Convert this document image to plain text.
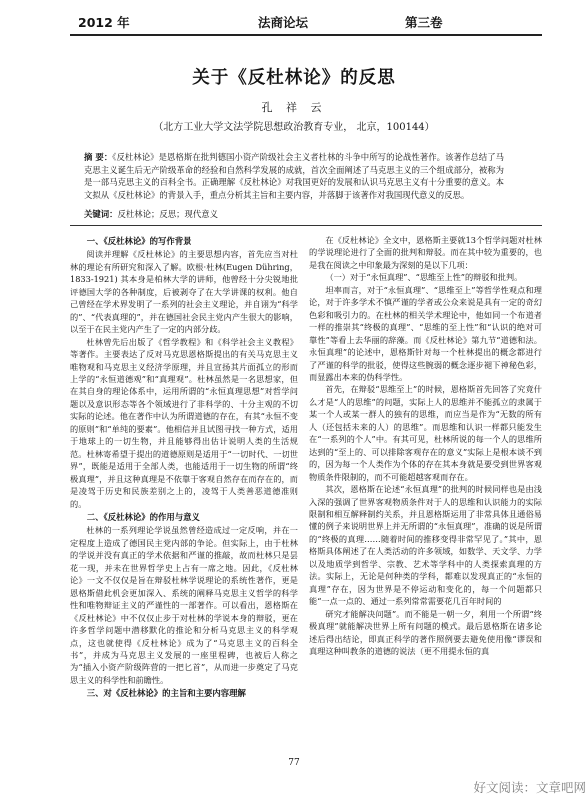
2012 年	法商论坛	第三卷
关于《反杜林论》的反思
孔 祥 云
（北方工业大学文法学院思想政治教育专业， 北京，100144）
摘 要：《反杜林论》是恩格斯在批判德国小资产阶级社会主义者杜林的斗争中所写的论战性著作。该著作总结了马克思主义诞生后无产阶级革命的经验和自然科学发展的成就，首次全面阐述了马克思主义的三个组成部分，被称为是一部马克思主义的百科全书。正确理解《反杜林论》对我国更好的发展和认识马克思主义有十分重要的意义。本文拟从《反杜林论》的背景入手，重点分析其主旨和主要内容，并落脚于该著作对我国现代意义的反思。
关键词：反杜林论；反思；现代意义
一、《反杜林论》的写作背景

阅读并理解《反杜林论》的主要思想内容，首先应当对杜林的理论有所研究和深入了解。欧根·杜林(Eugen Dühring，1833-1921) 其本身是柏林大学的讲师，他曾经十分尖锐地批评德国大学的各种制度，后被剥夺了在大学讲课的权利。他自己曾经在学术界发明了一系列的社会主义理论，并自诩为“科学的”、“代表真理的”，并在德国社会民主党内产生很大的影响，以至于在民主党内产生了一定的内部分歧。

杜林曾先后出版了《哲学教程》和《科学社会主义教程》等著作。主要表达了反对马克思恩格斯提出的有关马克思主义唯物观和马克思主义经济学原理，并且宣扬其片面孤立的形而上学的“永恒道德观”和“真理观”。杜林虽然是一名思想家，但在其自身的理论体系中，运用所谓的“永恒真理思想”对哲学问题以及意识形态等各个领域进行了非科学的、十分主观的不切实际的论述。他在著作中认为所谓道德的存在，有其“永恒不变的原则”和“单纯的要素”。他相信并且试图寻找一种方式，适用于地球上的一切生物，并且能够得出估计说明人类的生活规范。杜林寄希望于提出的道德原则是适用于“一切时代、一切世界”，既能是适用于全部人类，也能适用于一切生物的所谓“终极真理”，并且这种真理是不依靠于客观自然存在而存在的，而是凌驾于历史和民族差别之上的，凌驾于人类善恶道德准则的。

二、《反杜林论》的作用与意义

杜林的一系列理论学说虽然曾经造成过一定反响，并在一定程度上造成了德国民主党内部的争论。但实际上，由于杜林的学说并没有真正的学术依据和严谨的推敲，故而杜林只是昙花一现，并未在世界哲学史上占有一席之地。因此，《反杜林论》一文不仅仅是旨在辩驳杜林学说理论的系统性著作，更是恩格斯借此机会更加深入、系统的阐释马克思主义哲学的科学性和唯物辩证主义的严谨性的一部著作。可以看出，恩格斯在《反杜林论》中不仅仅止步于对杜林的学说本身的辩驳，更在许多哲学问题中潜移默化的推论和分析马克思主义的科学观点，这也就使得《反杜林论》成为了“马克思主义的百科全书”，并成为马克思主义发展的一座里程碑，也被后人称之为“插入小资产阶级阵营的一把匕首”，从而进一步奠定了马克思主义的科学性和前瞻性。

三、对《反杜林论》的主旨和主要内容理解

在《反杜林论》全文中，恩格斯主要就13个哲学问题对杜林的学说理论进行了全面的批判和辩驳。而在其中较为重要的，也是我在阅读之中印象最为深刻的是以下几项：

（一）对于“永恒真理”、“思维至上性”的辩驳和批判。

坦率而言，对于“永恒真理”、“思维至上”等哲学性观点和理论，对于许多学术不慎严谨的学者或公众来说是具有一定的奇幻色彩和吸引力的。在杜林的相关学术理论中，他如同一个布道者一样的推崇其“终极的真理”、“思维的至上性”和“认识的绝对可靠性”等看上去华丽的辞藻。而《反杜林论》第九节“道德和法。永恒真理”的论述中，恩格斯针对每一个杜林提出的概念都进行了严谨的科学的批驳，使得这些腕弱的概念逐步褪下神秘色彩，而显露出本来的伪科学性。

首先，在辩驳“思维至上”的时候，恩格斯首先回答了究竟什么才是“人的思维”的问题，实际上人的思维并不能孤立的隶属于某一个人或某一群人的独有的思维，而应当是作为“无数的所有人（还包括未来的人）的思维”。而思维和认识一样都只能发生在“一系列的个人”中。有其可见，杜林所说的每一个人的思维所达到的“至上的、可以排除客观存在的意义”实际上是根本谈不到的，因为每一个人类作为个体的存在其本身就是要受到世界客观物质条件限制的，而不可能超越客观而存在。

其次，恩格斯在论述“永恒真理”的批判的时候同样也是由浅入深的强调了世界客观物质条件对于人的思维和认识能力的实际限制和相互解释制约关系，并且恩格斯运用了非常具体且通俗易懂的例子来说明世界上并无所谓的“永恒真理”，准确的说是所谓的“终极的真理……随着时间的推移变得非常罕见了。”其中，恩格斯具体阐述了在人类活动的许多领域，如数学、天文学、力学以及地质学到哲学、宗教、艺术等学科中的人类探索真理的方法。实际上，无论是何种类的学科，都难以发现真正的“永恒的真理”存在，因为世界是不停运动和变化的，每一个问题都只能“一点一点的、通过一系列常常需要花几百年时间的

研究才能解决问题”。而不能是一朝一夕，利用一个所谓“终极真理”就能解决世界上所有问题的模式。最后恩格斯在诸多论述后得出结论，即真正科学的著作照例要去避免使用像“谬误和真理这种叫教条的道德的说法（更不用提永恒的真

77
好文阅读：文章吧网
